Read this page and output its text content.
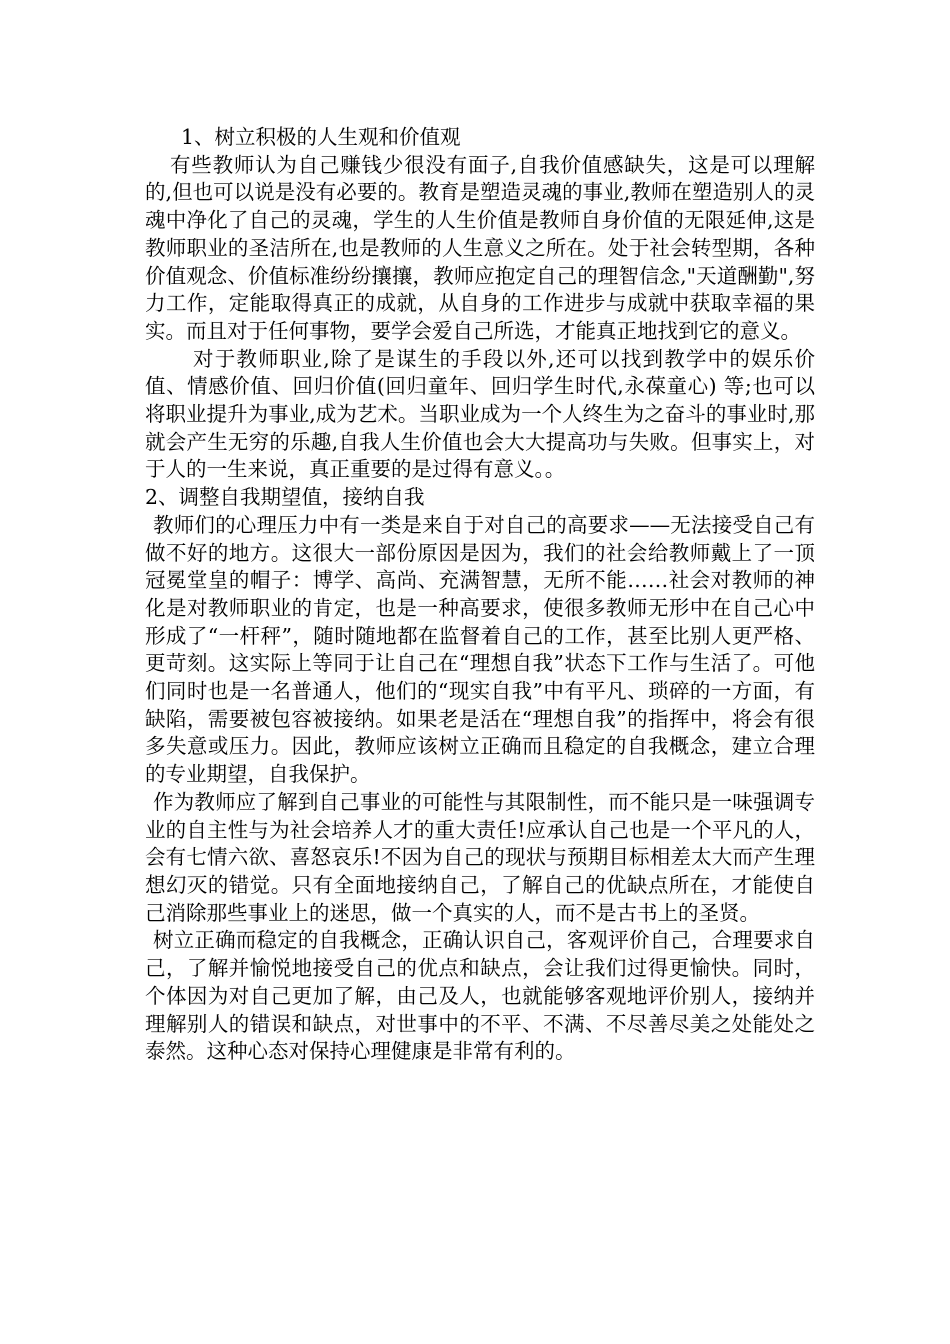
1、树立积极的人生观和价值观

有些教师认为自己赚钱少很没有面子,自我价值感缺失，这是可以理解的,但也可以说是没有必要的。教育是塑造灵魂的事业,教师在塑造别人的灵魂中净化了自己的灵魂，学生的人生价值是教师自身价值的无限延伸,这是教师职业的圣洁所在,也是教师的人生意义之所在。处于社会转型期，各种价值观念、价值标准纷纷攘攘，教师应抱定自己的理智信念,"天道酬勤",努力工作，定能取得真正的成就，从自身的工作进步与成就中获取幸福的果实。而且对于任何事物，要学会爱自己所选，才能真正地找到它的意义。

对于教师职业,除了是谋生的手段以外,还可以找到教学中的娱乐价值、情感价值、回归价值(回归童年、回归学生时代,永葆童心) 等;也可以将职业提升为事业,成为艺术。当职业成为一个人终生为之奋斗的事业时,那就会产生无穷的乐趣,自我人生价值也会大大提高功与失败。但事实上，对于人的一生来说，真正重要的是过得有意义。。

2、调整自我期望值，接纳自我

教师们的心理压力中有一类是来自于对自己的高要求——无法接受自己有做不好的地方。这很大一部份原因是因为，我们的社会给教师戴上了一顶冠冕堂皇的帽子：博学、高尚、充满智慧，无所不能……社会对教师的神化是对教师职业的肯定，也是一种高要求，使很多教师无形中在自己心中形成了“一杆秤”，随时随地都在监督着自己的工作，甚至比别人更严格、更苛刻。这实际上等同于让自己在“理想自我”状态下工作与生活了。可他们同时也是一名普通人，他们的“现实自我”中有平凡、琐碎的一方面，有缺陷，需要被包容被接纳。如果老是活在“理想自我”的指挥中，将会有很多失意或压力。因此，教师应该树立正确而且稳定的自我概念，建立合理的专业期望，自我保护。

作为教师应了解到自己事业的可能性与其限制性，而不能只是一味强调专业的自主性与为社会培养人才的重大责任!应承认自己也是一个平凡的人，会有七情六欲、喜怒哀乐!不因为自己的现状与预期目标相差太大而产生理想幻灭的错觉。只有全面地接纳自己，了解自己的优缺点所在，才能使自己消除那些事业上的迷思，做一个真实的人，而不是古书上的圣贤。

树立正确而稳定的自我概念，正确认识自己，客观评价自己，合理要求自己，了解并愉悦地接受自己的优点和缺点，会让我们过得更愉快。同时，个体因为对自己更加了解，由己及人，也就能够客观地评价别人，接纳并理解别人的错误和缺点，对世事中的不平、不满、不尽善尽美之处能处之泰然。这种心态对保持心理健康是非常有利的。
